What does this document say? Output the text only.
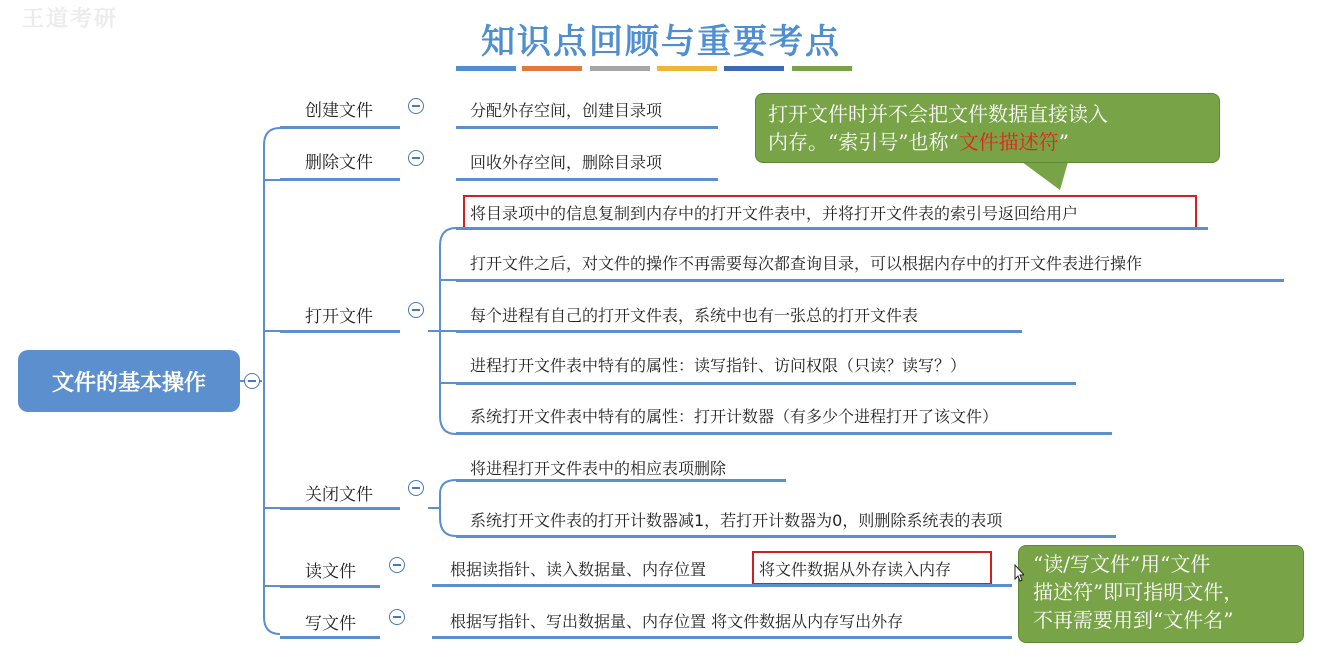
王道考研
知识点回顾与重要考点
文件的基本操作
创建文件	分配外存空间，创建目录项
删除文件	回收外存空间，删除目录项
打开文件
将目录项中的信息复制到内存中的打开文件表中，并将打开文件表的索引号返回给用户
打开文件之后，对文件的操作不再需要每次都查询目录，可以根据内存中的打开文件表进行操作
每个进程有自己的打开文件表，系统中也有一张总的打开文件表
进程打开文件表中特有的属性：读写指针、访问权限（只读？读写？）
系统打开文件表中特有的属性：打开计数器（有多少个进程打开了该文件）
关闭文件
将进程打开文件表中的相应表项删除
系统打开文件表的打开计数器减1，若打开计数器为0，则删除系统表的表项
读文件	根据读指针、读入数据量、内存位置	将文件数据从外存读入内存
写文件	根据写指针、写出数据量、内存位置 将文件数据从内存写出外存
打开文件时并不会把文件数据直接读入
内存。“索引号”也称“文件描述符”
“读/写文件”用“文件
描述符”即可指明文件，
不再需要用到“文件名”
